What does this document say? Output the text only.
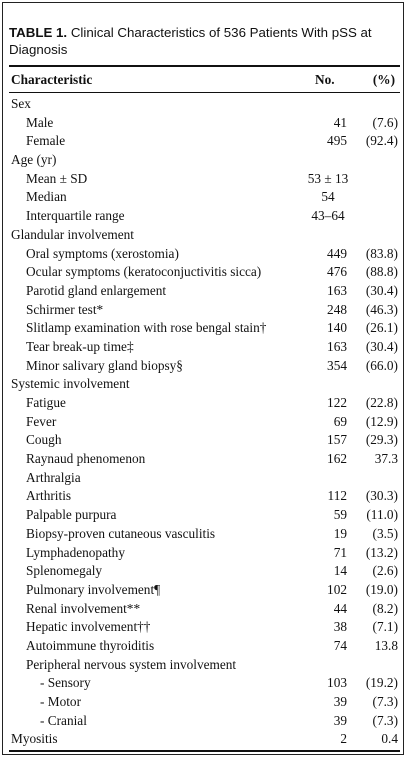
TABLE 1. Clinical Characteristics of 536 Patients With pSS at Diagnosis
Characteristic	No.	(%)
Sex
Male	41 (7.6)
Female	495 (92.4)
Age (yr)
Mean ± SD	53 ± 13
Median	54
Interquartile range	43–64
Glandular involvement
Oral symptoms (xerostomia)	449 (83.8)
Ocular symptoms (keratoconjuctivitis sicca)	476 (88.8)
Parotid gland enlargement	163 (30.4)
Schirmer test*	248 (46.3)
Slitlamp examination with rose bengal stain†	140 (26.1)
Tear break-up time‡	163 (30.4)
Minor salivary gland biopsy§	354 (66.0)
Systemic involvement
Fatigue	122 (22.8)
Fever	69 (12.9)
Cough	157 (29.3)
Raynaud phenomenon	162 37.3
Arthralgia
Arthritis	112 (30.3)
Palpable purpura	59 (11.0)
Biopsy-proven cutaneous vasculitis	19 (3.5)
Lymphadenopathy	71 (13.2)
Splenomegaly	14 (2.6)
Pulmonary involvement¶	102 (19.0)
Renal involvement**	44 (8.2)
Hepatic involvement††	38 (7.1)
Autoimmune thyroiditis	74 13.8
Peripheral nervous system involvement
- Sensory	103 (19.2)
- Motor	39 (7.3)
- Cranial	39 (7.3)
Myositis	2	0.4
